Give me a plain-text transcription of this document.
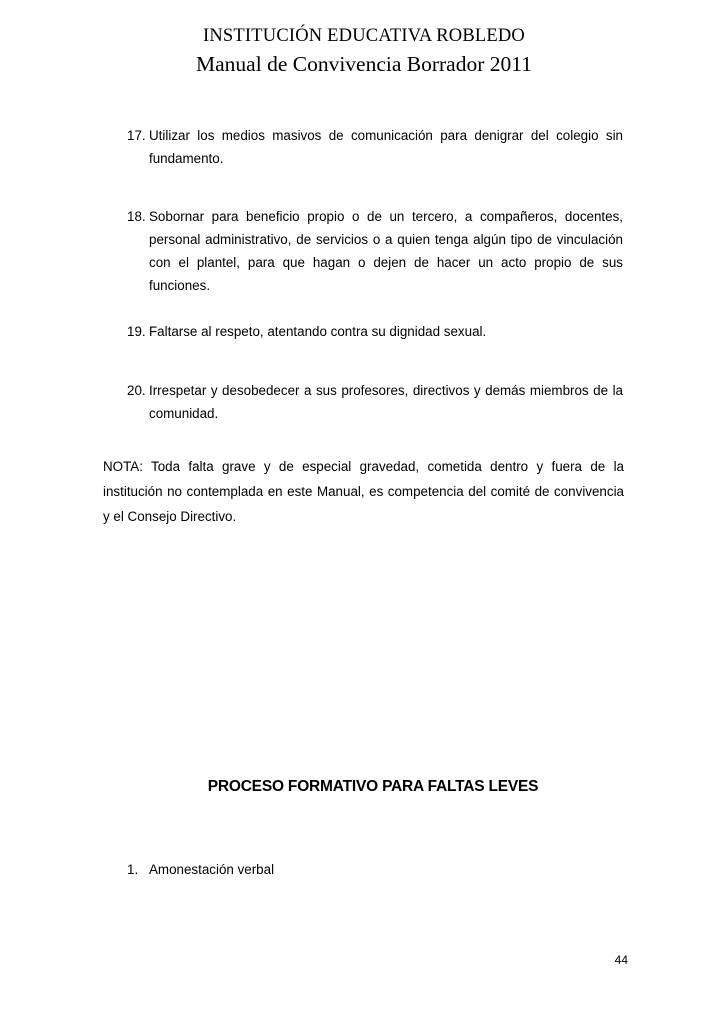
INSTITUCIÓN EDUCATIVA ROBLEDO
Manual de Convivencia Borrador 2011
17. Utilizar los medios masivos de comunicación para denigrar del colegio sin fundamento.
18. Sobornar para beneficio propio o de un tercero, a compañeros, docentes, personal administrativo, de servicios o a quien tenga algún tipo de vinculación con el plantel, para que hagan o dejen de hacer un acto propio de sus funciones.
19. Faltarse al respeto, atentando contra su dignidad sexual.
20. Irrespetar y desobedecer a sus profesores, directivos y demás miembros de la comunidad.

NOTA: Toda falta grave y de especial gravedad, cometida dentro y fuera de la institución no contemplada en este Manual, es competencia del comité de convivencia y el Consejo Directivo.

PROCESO FORMATIVO PARA FALTAS LEVES
1. Amonestación verbal
44
